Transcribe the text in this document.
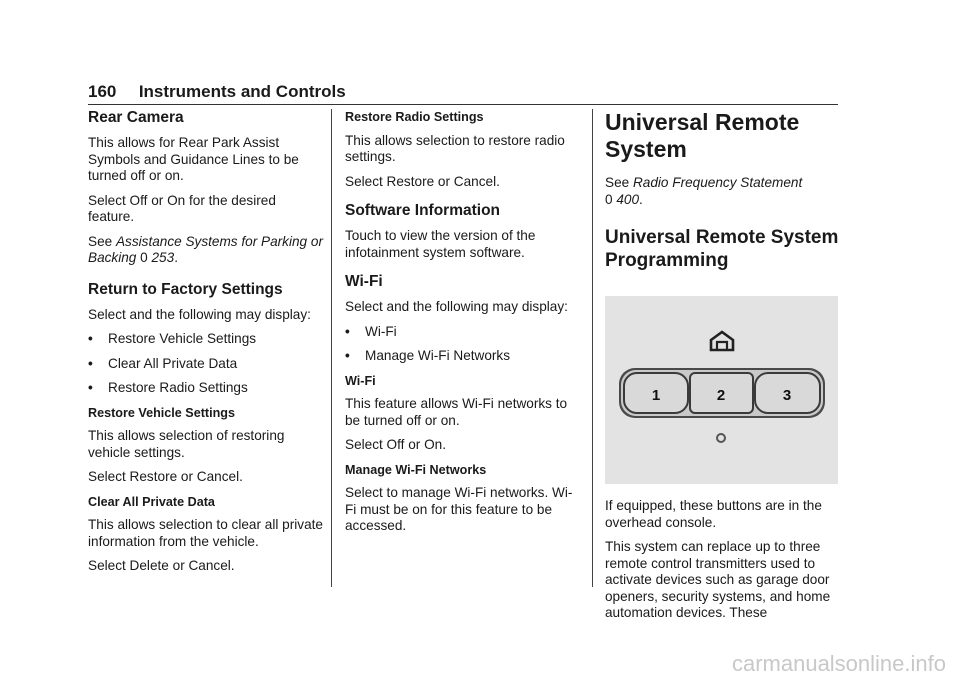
160 Instruments and Controls
Rear Camera

This allows for Rear Park Assist Symbols and Guidance Lines to be turned off or on.

Select Off or On for the desired feature.

See Assistance Systems for Parking or Backing 0 253.

Return to Factory Settings

Select and the following may display:

•	Restore Vehicle Settings
•	Clear All Private Data
•	Restore Radio Settings
Restore Vehicle Settings

This allows selection of restoring vehicle settings.

Select Restore or Cancel.

Clear All Private Data

This allows selection to clear all private information from the vehicle.

Select Delete or Cancel.

Restore Radio Settings

This allows selection to restore radio settings.

Select Restore or Cancel.

Software Information

Touch to view the version of the infotainment system software.

Wi-Fi

Select and the following may display:

•	Wi-Fi
•	Manage Wi-Fi Networks
Wi-Fi

This feature allows Wi-Fi networks to be turned off or on.

Select Off or On.

Manage Wi-Fi Networks

Select to manage Wi-Fi networks. Wi-Fi must be on for this feature to be accessed.

Universal Remote System

See Radio Frequency Statement
0 400.

Universal Remote System Programming
1	2	3

If equipped, these buttons are in the overhead console.

This system can replace up to three remote control transmitters used to activate devices such as garage door openers, security systems, and home automation devices. These

carmanualsonline.info
